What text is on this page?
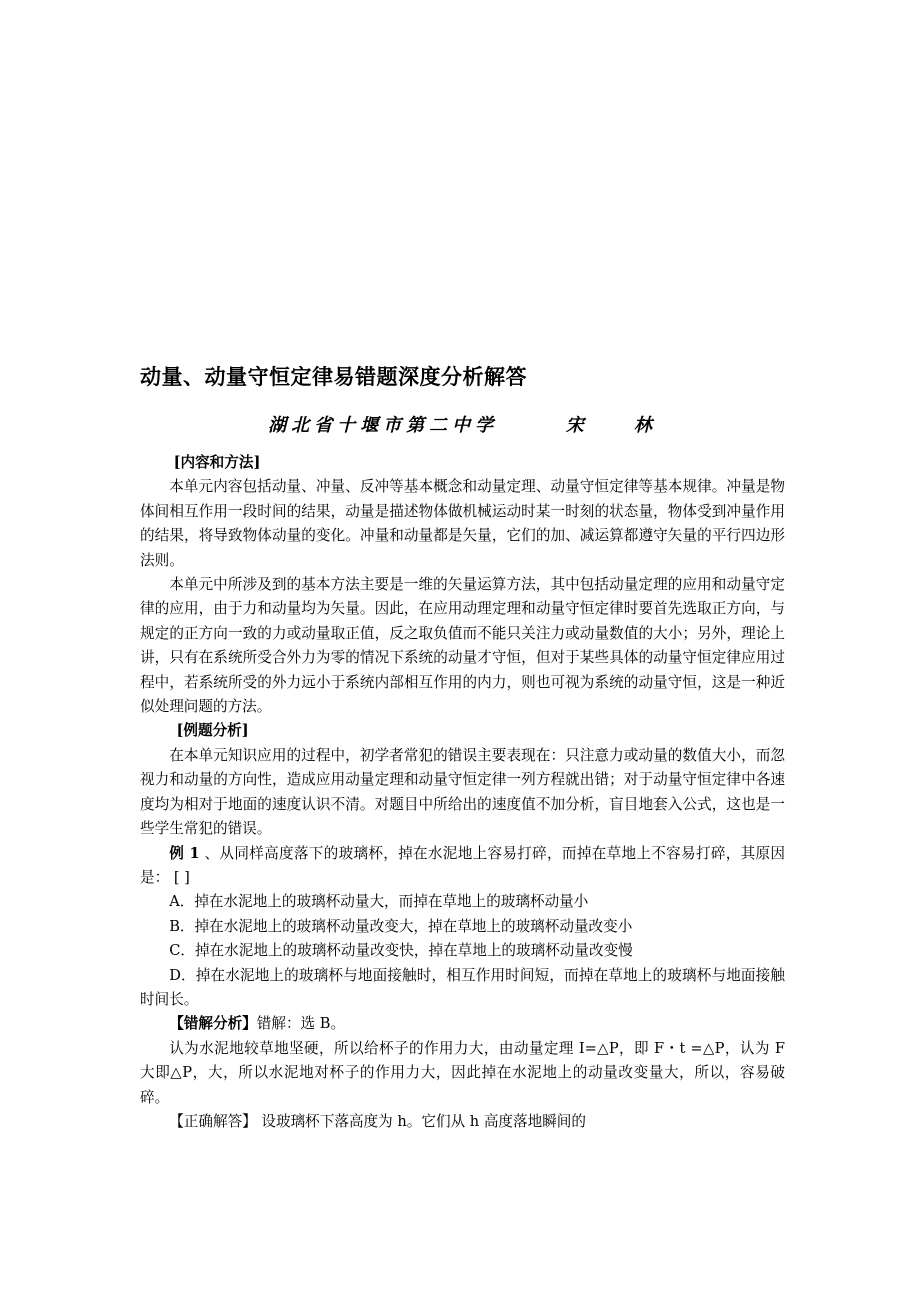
动量、动量守恒定律易错题深度分析解答
湖北省十堰市第二中学      宋    林

[内容和方法]

本单元内容包括动量、冲量、反冲等基本概念和动量定理、动量守恒定律等基本规律。冲量是物体间相互作用一段时间的结果，动量是描述物体做机械运动时某一时刻的状态量，物体受到冲量作用的结果，将导致物体动量的变化。冲量和动量都是矢量，它们的加、减运算都遵守矢量的平行四边形法则。

本单元中所涉及到的基本方法主要是一维的矢量运算方法，其中包括动量定理的应用和动量守定律的应用，由于力和动量均为矢量。因此，在应用动理定理和动量守恒定律时要首先选取正方向，与规定的正方向一致的力或动量取正值，反之取负值而不能只关注力或动量数值的大小；另外，理论上讲，只有在系统所受合外力为零的情况下系统的动量才守恒，但对于某些具体的动量守恒定律应用过程中，若系统所受的外力远小于系统内部相互作用的内力，则也可视为系统的动量守恒，这是一种近似处理问题的方法。

[例题分析]

在本单元知识应用的过程中，初学者常犯的错误主要表现在：只注意力或动量的数值大小，而忽视力和动量的方向性，造成应用动量定理和动量守恒定律一列方程就出错；对于动量守恒定律中各速度均为相对于地面的速度认识不清。对题目中所给出的速度值不加分析，盲目地套入公式，这也是一些学生常犯的错误。

例 1 、从同样高度落下的玻璃杯，掉在水泥地上容易打碎，而掉在草地上不容易打碎，其原因是： [ ]

A．掉在水泥地上的玻璃杯动量大，而掉在草地上的玻璃杯动量小

B．掉在水泥地上的玻璃杯动量改变大，掉在草地上的玻璃杯动量改变小

C．掉在水泥地上的玻璃杯动量改变快，掉在草地上的玻璃杯动量改变慢

D．掉在水泥地上的玻璃杯与地面接触时，相互作用时间短，而掉在草地上的玻璃杯与地面接触时间长。

【错解分析】错解：选 B。

认为水泥地较草地坚硬，所以给杯子的作用力大，由动量定理 I=△P，即 F・t =△P，认为 F 大即△P，大，所以水泥地对杯子的作用力大，因此掉在水泥地上的动量改变量大，所以，容易破碎。

【正确解答】 设玻璃杯下落高度为 h。它们从 h 高度落地瞬间的
